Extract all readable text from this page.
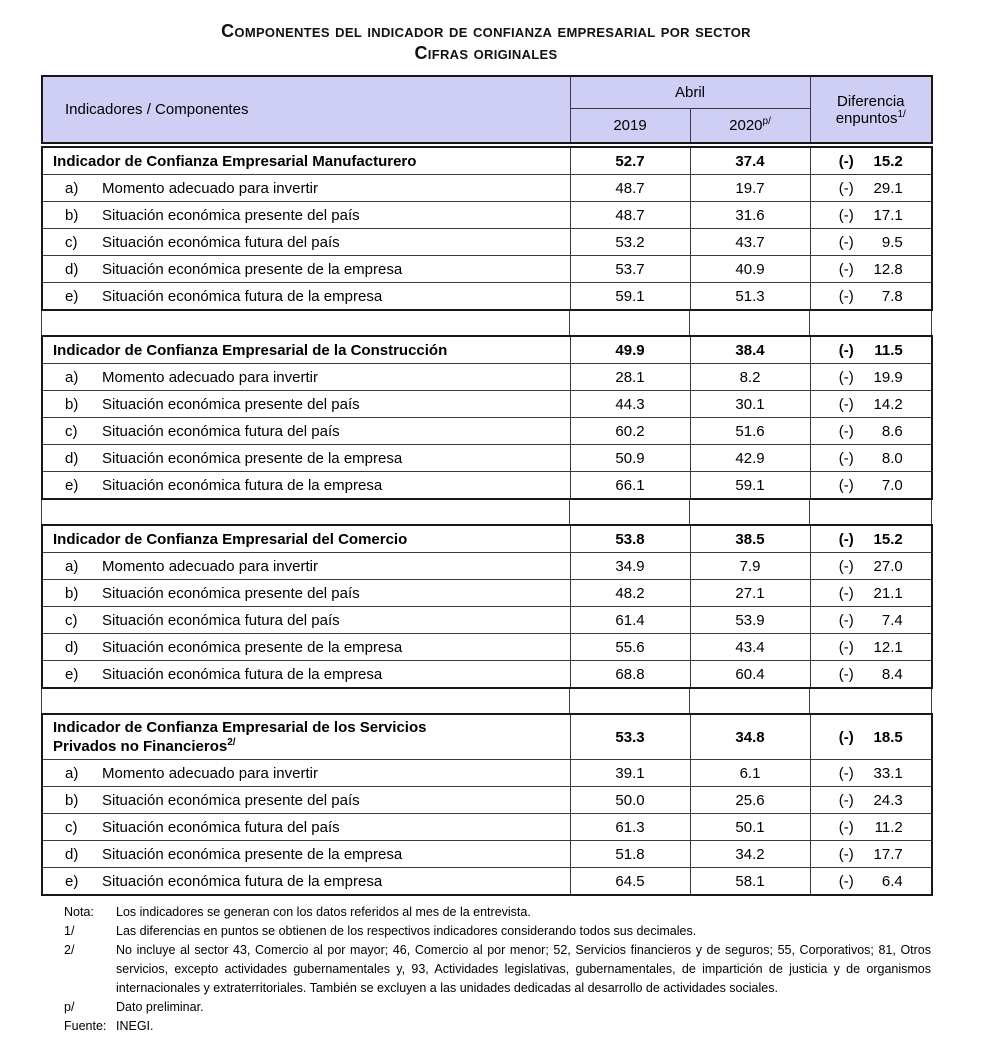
Componentes del indicador de confianza empresarial por sector
Cifras originales
Indicadores / Componentes	Abril		Diferencia enpuntos$^{1/}$
	2019	$2020^{p/}$
Indicador de Confianza Empresarial Manufacturero	52.7	37.4	(-) 15.2

a) Momento adecuado para invertir	48.7	19.7	(-) 29.1

b) Situación económica presente del país	48.7	31.6	(-) 17.1

c) Situación económica futura del país	53.2	43.7	(-) 9.5

d) Situación económica presente de la empresa	53.7	40.9	(-) 12.8

e) Situación económica futura de la empresa	59.1	51.3	(-) 7.8

Indicador de Confianza Empresarial de la Construcción	49.9	38.4	(-) 11.5

a) Momento adecuado para invertir	28.1	8.2	(-) 19.9

b) Situación económica presente del país	44.3	30.1	(-) 14.2

c) Situación económica futura del país	60.2	51.6	(-) 8.6

d) Situación económica presente de la empresa	50.9	42.9	(-) 8.0

e) Situación económica futura de la empresa	66.1	59.1	(-) 7.0

Indicador de Confianza Empresarial del Comercio	53.8	38.5	(-) 15.2

a) Momento adecuado para invertir	34.9	7.9	(-) 27.0

b) Situación económica presente del país	48.2	27.1	(-) 21.1

c) Situación económica futura del país	61.4	53.9	(-) 7.4

d) Situación económica presente de la empresa	55.6	43.4	(-) 12.1

e) Situación económica futura de la empresa	68.8	60.4	(-) 8.4

Indicador de Confianza Empresarial de los Servicios
Privados no Financieros$^{2/}$	53.3	34.8	(-) 18.5

a) Momento adecuado para invertir	39.1	6.1	(-) 33.1

b) Situación económica presente del país	50.0	25.6	(-) 24.3

c) Situación económica futura del país	61.3	50.1	(-) 11.2

d) Situación económica presente de la empresa	51.8	34.2	(-) 17.7

e) Situación económica futura de la empresa	64.5	58.1	(-) 6.4
Nota:	Los indicadores se generan con los datos referidos al mes de la entrevista.
1/	Las diferencias en puntos se obtienen de los respectivos indicadores considerando todos sus decimales.
2/	No incluye al sector 43, Comercio al por mayor; 46, Comercio al por menor; 52, Servicios financieros y de seguros; 55, Corporativos; 81, Otros servicios, excepto actividades gubernamentales y, 93, Actividades legislativas, gubernamentales, de impartición de justicia y de organismos internacionales y extraterritoriales. También se excluyen a las unidades dedicadas al desarrollo de actividades sociales.
p/	Dato preliminar.
Fuente: INEGI.
